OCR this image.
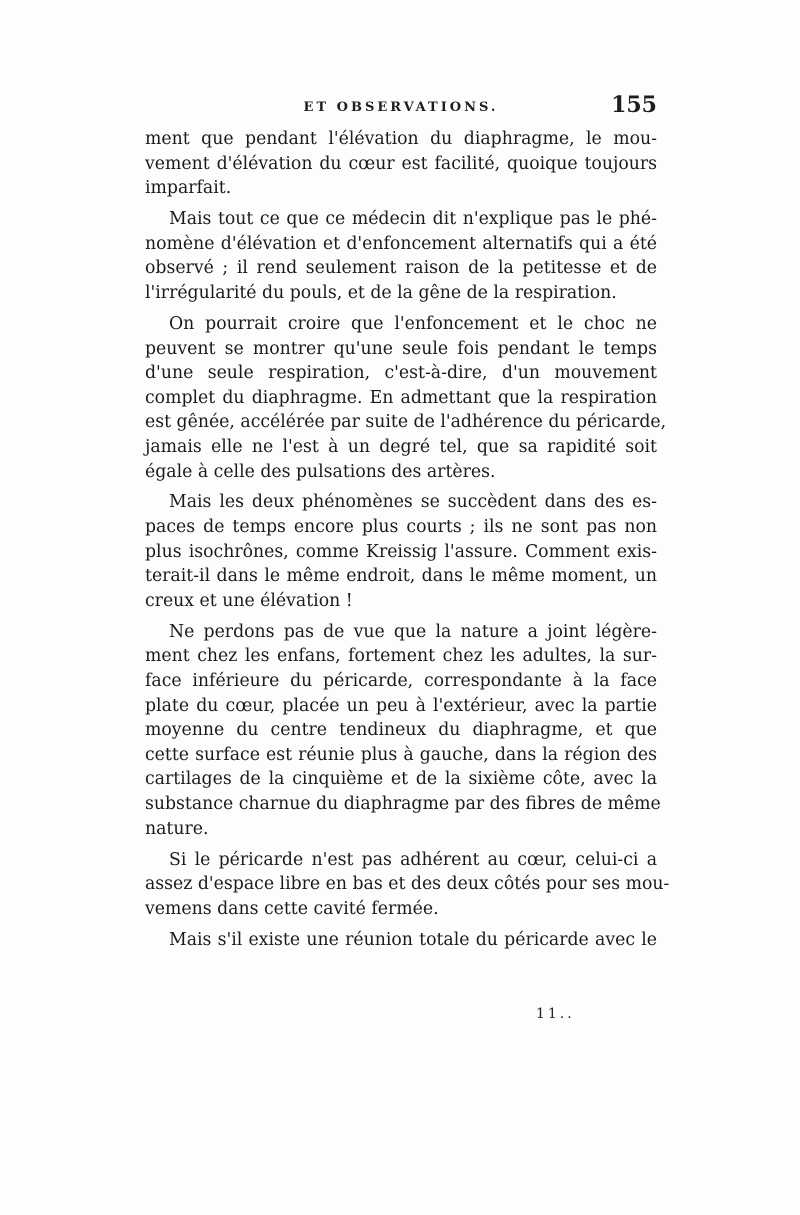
ET OBSERVATIONS.	155
ment que pendant l'élévation du diaphragme, le mou-
vement d'élévation du cœur est facilité, quoique toujours
imparfait.
Mais tout ce que ce médecin dit n'explique pas le phé-
nomène d'élévation et d'enfoncement alternatifs qui a été
observé ; il rend seulement raison de la petitesse et de
l'irrégularité du pouls, et de la gêne de la respiration.
On pourrait croire que l'enfoncement et le choc ne
peuvent se montrer qu'une seule fois pendant le temps
d'une seule respiration, c'est-à-dire, d'un mouvement
complet du diaphragme. En admettant que la respiration
est gênée, accélérée par suite de l'adhérence du péricarde,
jamais elle ne l'est à un degré tel, que sa rapidité soit
égale à celle des pulsations des artères.
Mais les deux phénomènes se succèdent dans des es-
paces de temps encore plus courts ; ils ne sont pas non
plus isochrônes, comme Kreissig l'assure. Comment exis-
terait-il dans le même endroit, dans le même moment, un
creux et une élévation !
Ne perdons pas de vue que la nature a joint légère-
ment chez les enfans, fortement chez les adultes, la sur-
face inférieure du péricarde, correspondante à la face
plate du cœur, placée un peu à l'extérieur, avec la partie
moyenne du centre tendineux du diaphragme, et que
cette surface est réunie plus à gauche, dans la région des
cartilages de la cinquième et de la sixième côte, avec la
substance charnue du diaphragme par des fibres de même
nature.
Si le péricarde n'est pas adhérent au cœur, celui-ci a
assez d'espace libre en bas et des deux côtés pour ses mou-
vemens dans cette cavité fermée.
Mais s'il existe une réunion totale du péricarde avec le
11..
